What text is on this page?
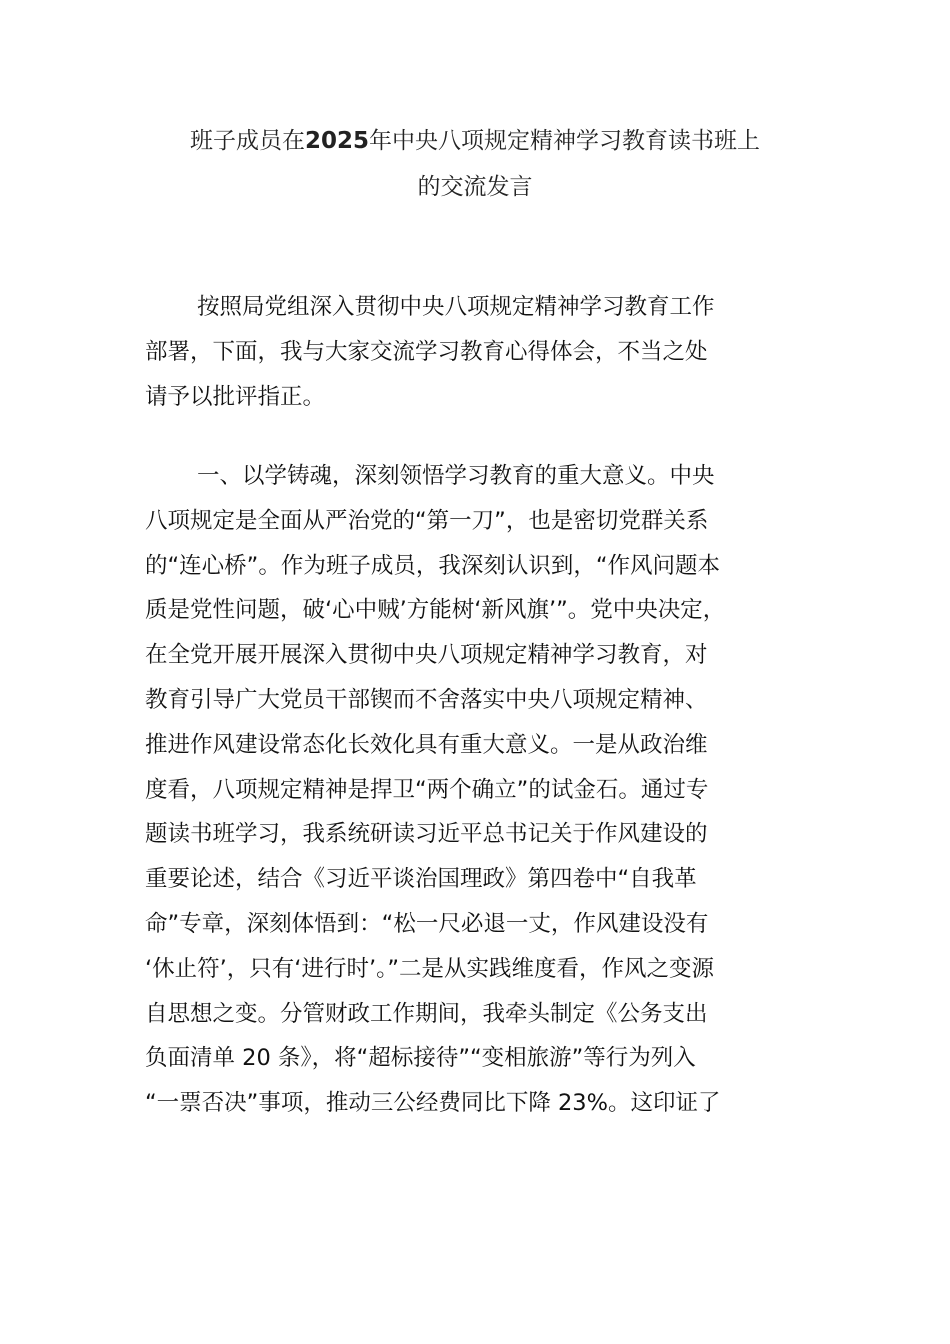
班子成员在2025年中央八项规定精神学习教育读书班上
的交流发言
按照局党组深入贯彻中央八项规定精神学习教育工作
部署，下面，我与大家交流学习教育心得体会，不当之处
请予以批评指正。
一、以学铸魂，深刻领悟学习教育的重大意义。中央
八项规定是全面从严治党的“第一刀”，也是密切党群关系
的“连心桥”。作为班子成员，我深刻认识到，“作风问题本
质是党性问题，破‘心中贼’方能树‘新风旗’”。党中央决定，
在全党开展开展深入贯彻中央八项规定精神学习教育，对
教育引导广大党员干部锲而不舍落实中央八项规定精神、
推进作风建设常态化长效化具有重大意义。一是从政治维
度看，八项规定精神是捍卫“两个确立”的试金石。通过专
题读书班学习，我系统研读习近平总书记关于作风建设的
重要论述，结合《习近平谈治国理政》第四卷中“自我革
命”专章，深刻体悟到：“松一尺必退一丈，作风建设没有
‘休止符’，只有‘进行时’。”二是从实践维度看，作风之变源
自思想之变。分管财政工作期间，我牵头制定《公务支出
负面清单 20 条》，将“超标接待”“变相旅游”等行为列入
“一票否决”事项，推动三公经费同比下降 23%。这印证了
